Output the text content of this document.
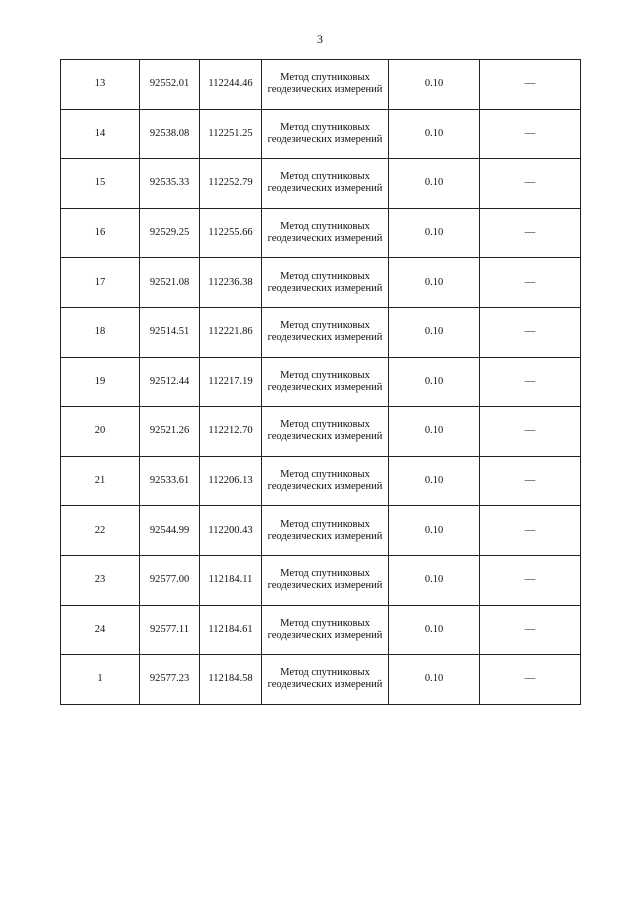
3
13	92552.01	112244.46	Метод спутниковых
геодезических измерений	0.10	—
14	92538.08	112251.25	Метод спутниковых
геодезических измерений	0.10	—
15	92535.33	112252.79	Метод спутниковых
геодезических измерений	0.10	—
16	92529.25	112255.66	Метод спутниковых
геодезических измерений	0.10	—
17	92521.08	112236.38	Метод спутниковых
геодезических измерений	0.10	—
18	92514.51	112221.86	Метод спутниковых
геодезических измерений	0.10	—
19	92512.44	112217.19	Метод спутниковых
геодезических измерений	0.10	—
20	92521.26	112212.70	Метод спутниковых
геодезических измерений	0.10	—
21	92533.61	112206.13	Метод спутниковых
геодезических измерений	0.10	—
22	92544.99	112200.43	Метод спутниковых
геодезических измерений	0.10	—
23	92577.00	112184.11	Метод спутниковых
геодезических измерений	0.10	—
24	92577.11	112184.61	Метод спутниковых
геодезических измерений	0.10	—
1	92577.23	112184.58	Метод спутниковых
геодезических измерений	0.10	—
